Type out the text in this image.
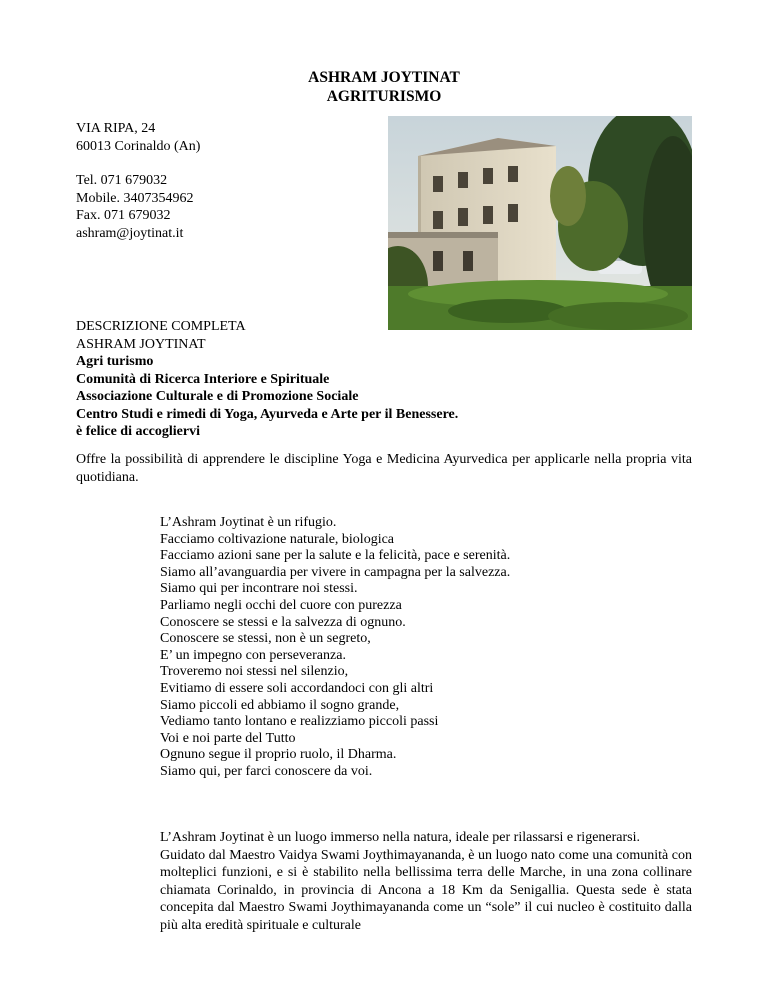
ASHRAM JOYTINAT
AGRITURISMO
VIA RIPA, 24
60013 Corinaldo (An)
Tel. 071 679032
Mobile. 3407354962
Fax. 071 679032
ashram@joytinat.it
DESCRIZIONE COMPLETA
ASHRAM JOYTINAT
Agri turismo
Comunità di Ricerca Interiore e Spirituale
Associazione Culturale e di Promozione Sociale
Centro Studi e rimedi di Yoga, Ayurveda e Arte per il Benessere.
è felice di accogliervi
Offre la possibilità di apprendere le discipline Yoga e Medicina Ayurvedica per applicarle nella propria vita quotidiana.
L’Ashram Joytinat è un rifugio.
Facciamo coltivazione naturale, biologica
Facciamo azioni sane per la salute e la felicità, pace e serenità.
Siamo all’avanguardia per vivere in campagna per la salvezza.
Siamo qui per incontrare noi stessi.
Parliamo negli occhi del cuore con purezza
Conoscere se stessi e la salvezza di ognuno.
Conoscere se stessi, non è un segreto,
E’ un impegno con perseveranza.
Troveremo noi stessi nel silenzio,
Evitiamo di essere soli accordandoci con gli altri
Siamo piccoli ed abbiamo il sogno grande,
Vediamo tanto lontano e realizziamo piccoli passi
Voi e noi parte del Tutto
Ognuno segue il proprio ruolo, il Dharma.
Siamo qui, per farci conoscere da voi.

L’Ashram Joytinat è un luogo immerso nella natura, ideale per rilassarsi e rigenerarsi.

Guidato dal Maestro Vaidya Swami Joythimayananda, è un luogo nato come una comunità con molteplici funzioni, e si è stabilito nella bellissima terra delle Marche, in una zona collinare chiamata Corinaldo, in provincia di Ancona a 18 Km da Senigallia. Questa sede è stata concepita dal Maestro Swami Joythimayananda come un “sole” il cui nucleo è costituito dalla più alta eredità spirituale e culturale
